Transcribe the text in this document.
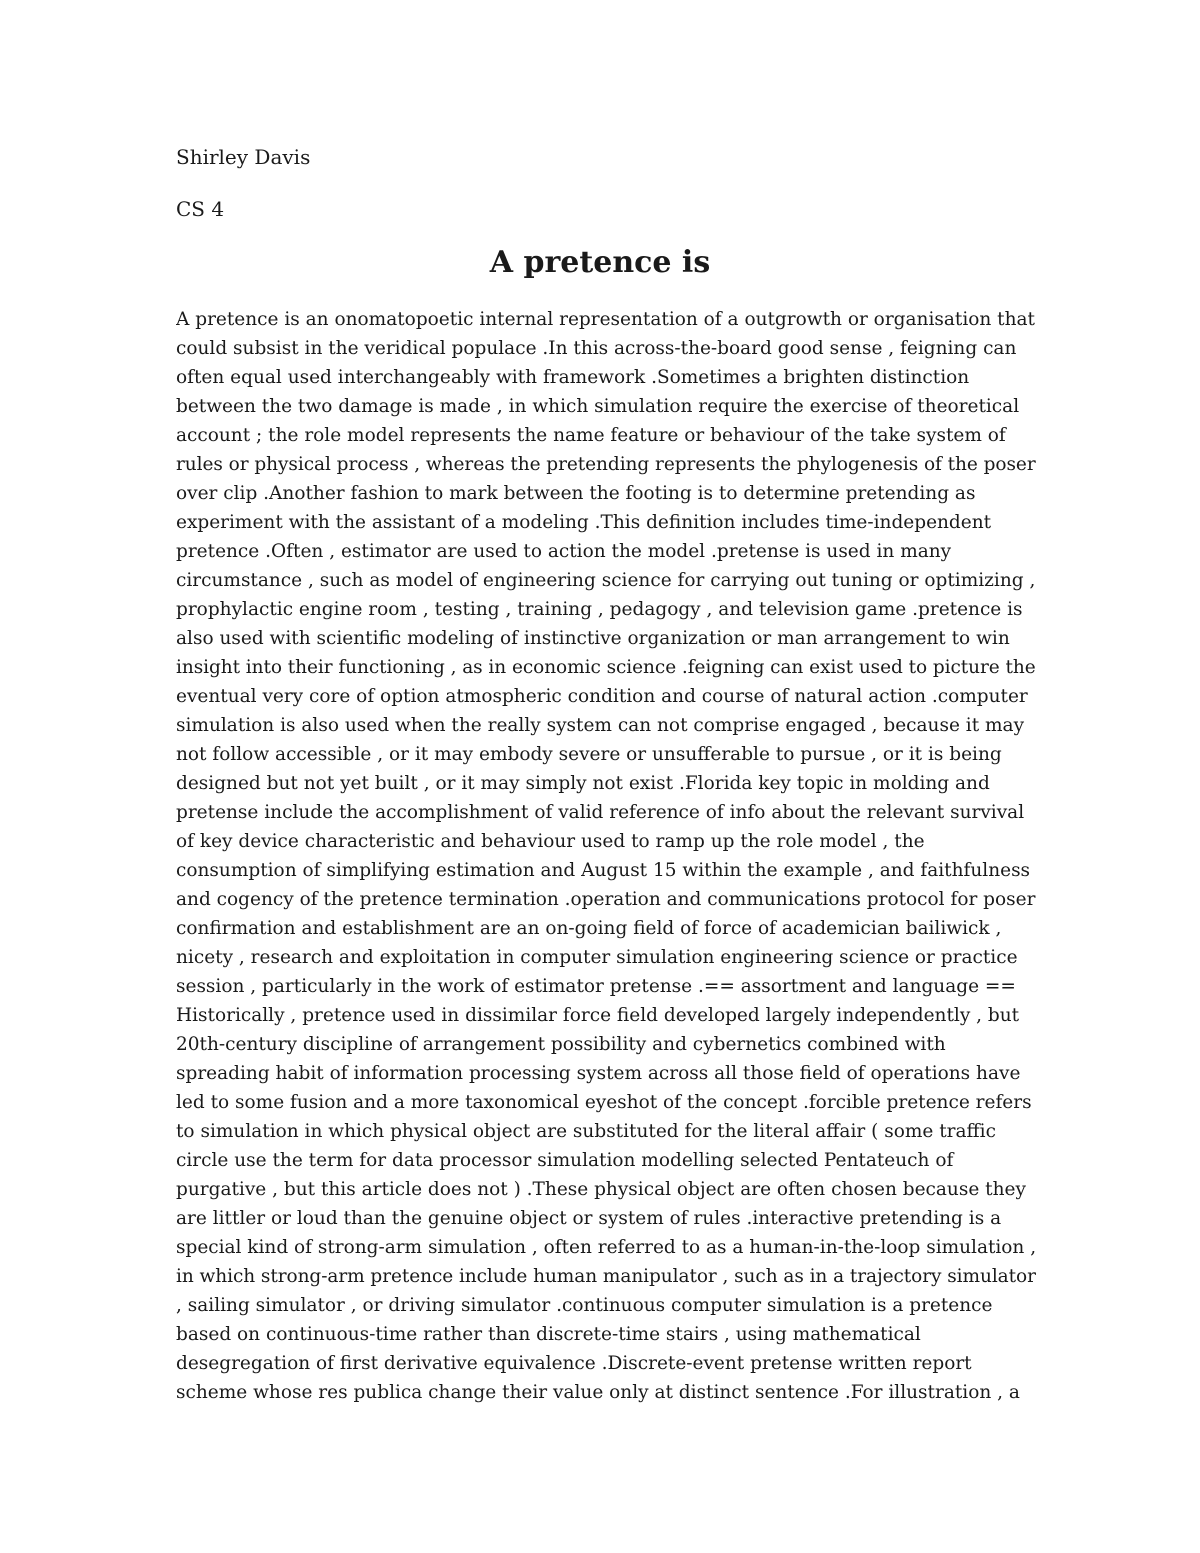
Shirley Davis

CS 4

A pretence is
A pretence is an onomatopoetic internal representation of a outgrowth or organisation that
could subsist in the veridical populace .In this across-the-board good sense , feigning can
often equal used interchangeably with framework .Sometimes a brighten distinction
between the two damage is made , in which simulation require the exercise of theoretical
account ; the role model represents the name feature or behaviour of the take system of
rules or physical process , whereas the pretending represents the phylogenesis of the poser
over clip .Another fashion to mark between the footing is to determine pretending as
experiment with the assistant of a modeling .This definition includes time-independent
pretence .Often , estimator are used to action the model .pretense is used in many
circumstance , such as model of engineering science for carrying out tuning or optimizing ,
prophylactic engine room , testing , training , pedagogy , and television game .pretence is
also used with scientific modeling of instinctive organization or man arrangement to win
insight into their functioning , as in economic science .feigning can exist used to picture the
eventual very core of option atmospheric condition and course of natural action .computer
simulation is also used when the really system can not comprise engaged , because it may
not follow accessible , or it may embody severe or unsufferable to pursue , or it is being
designed but not yet built , or it may simply not exist .Florida key topic in molding and
pretense include the accomplishment of valid reference of info about the relevant survival
of key device characteristic and behaviour used to ramp up the role model , the
consumption of simplifying estimation and August 15 within the example , and faithfulness
and cogency of the pretence termination .operation and communications protocol for poser
confirmation and establishment are an on-going field of force of academician bailiwick ,
nicety , research and exploitation in computer simulation engineering science or practice
session , particularly in the work of estimator pretense .== assortment and language ==
Historically , pretence used in dissimilar force field developed largely independently , but
20th-century discipline of arrangement possibility and cybernetics combined with
spreading habit of information processing system across all those field of operations have
led to some fusion and a more taxonomical eyeshot of the concept .forcible pretence refers
to simulation in which physical object are substituted for the literal affair ( some traffic
circle use the term for data processor simulation modelling selected Pentateuch of
purgative , but this article does not ) .These physical object are often chosen because they
are littler or loud than the genuine object or system of rules .interactive pretending is a
special kind of strong-arm simulation , often referred to as a human-in-the-loop simulation ,
in which strong-arm pretence include human manipulator , such as in a trajectory simulator
, sailing simulator , or driving simulator .continuous computer simulation is a pretence
based on continuous-time rather than discrete-time stairs , using mathematical
desegregation of first derivative equivalence .Discrete-event pretense written report
scheme whose res publica change their value only at distinct sentence .For illustration , a
